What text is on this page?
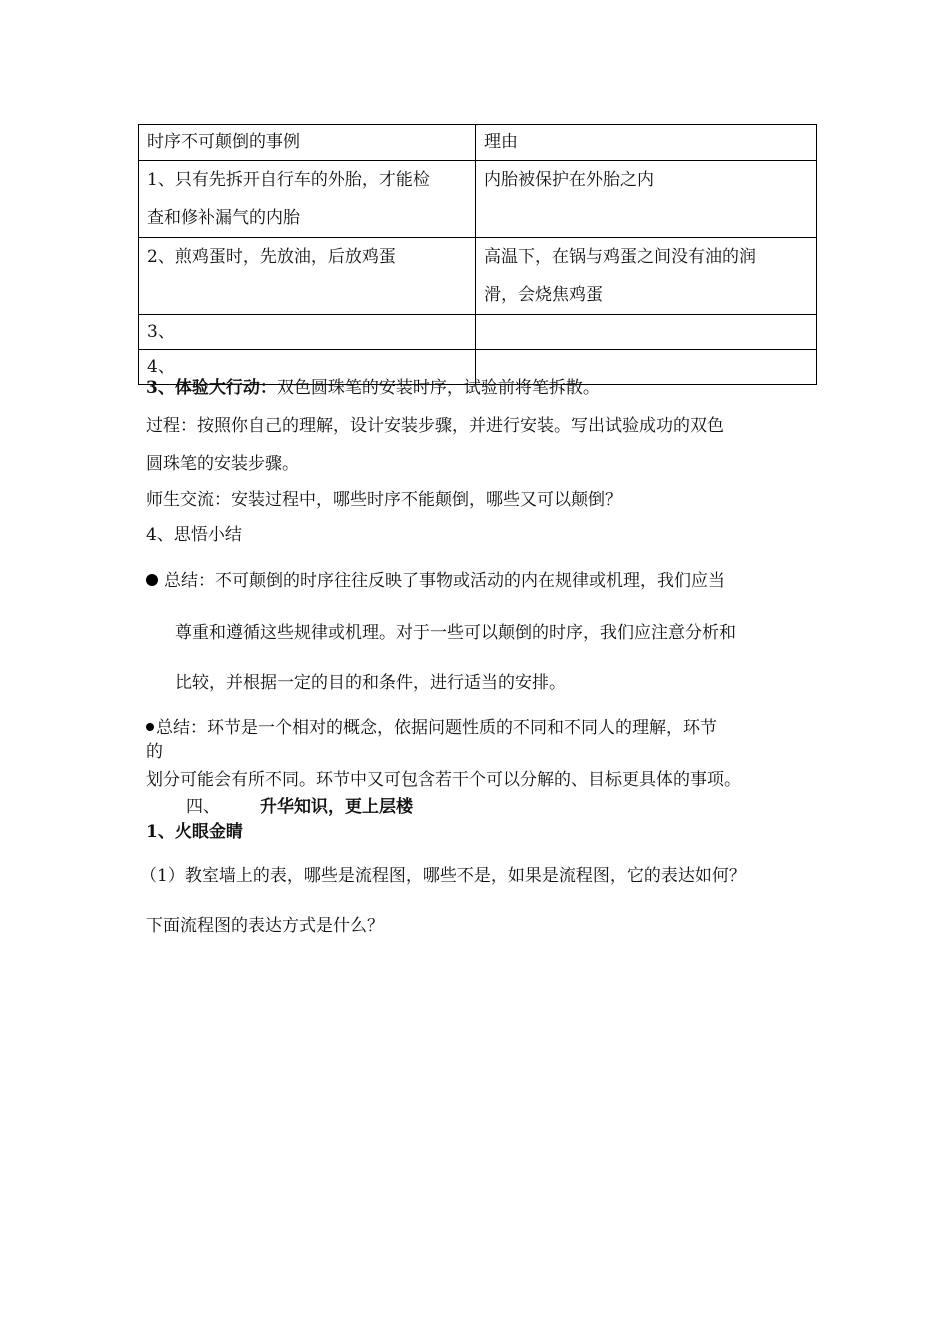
时序不可颠倒的事例	理由

1、只有先拆开自行车的外胎，才能检
查和修补漏气的内胎	内胎被保护在外胎之内

2、煎鸡蛋时，先放油，后放鸡蛋	高温下，在锅与鸡蛋之间没有油的润
滑，会烧焦鸡蛋

3、	
4、	
3、体验大行动：双色圆珠笔的安装时序，试验前将笔拆散。
过程：按照你自己的理解，设计安装步骤，并进行安装。写出试验成功的双色
圆珠笔的安装步骤。
师生交流：安装过程中，哪些时序不能颠倒，哪些又可以颠倒？
4、思悟小结
总结：不可颠倒的时序往往反映了事物或活动的内在规律或机理，我们应当
尊重和遵循这些规律或机理。对于一些可以颠倒的时序，我们应注意分析和
比较，并根据一定的目的和条件，进行适当的安排。
总结：环节是一个相对的概念，依据问题性质的不同和不同人的理解，环节
的
划分可能会有所不同。环节中又可包含若干个可以分解的、目标更具体的事项。
四、 升华知识，更上层楼
1、火眼金睛
（1）教室墙上的表，哪些是流程图，哪些不是，如果是流程图，它的表达如何？
下面流程图的表达方式是什么？
